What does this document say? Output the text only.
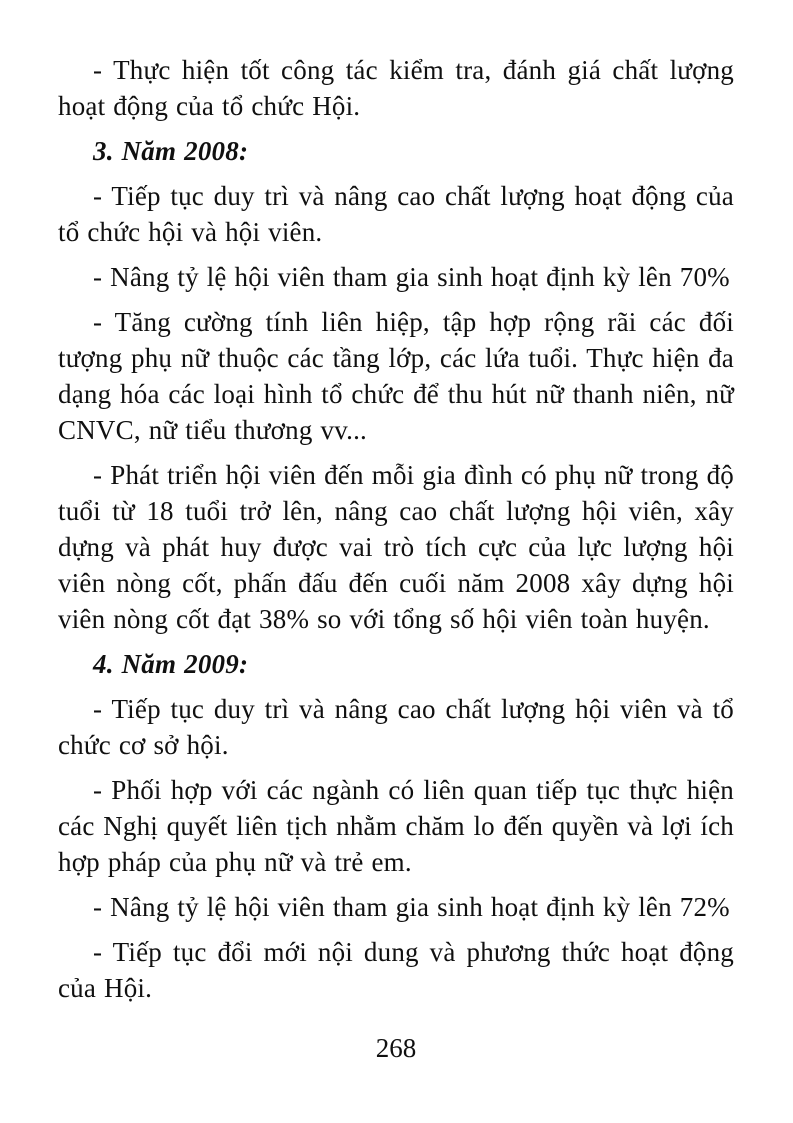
- Thực hiện tốt công tác kiểm tra, đánh giá chất lượng hoạt động của tổ chức Hội.

3. Năm 2008:

- Tiếp tục duy trì và nâng cao chất lượng hoạt động của tổ chức hội và hội viên.

- Nâng tỷ lệ hội viên tham gia sinh hoạt định kỳ lên 70%

- Tăng cường tính liên hiệp, tập hợp rộng rãi các đối tượng phụ nữ thuộc các tầng lớp, các lứa tuổi. Thực hiện đa dạng hóa các loại hình tổ chức để thu hút nữ thanh niên, nữ CNVC, nữ tiểu thương vv...

- Phát triển hội viên đến mỗi gia đình có phụ nữ trong độ tuổi từ 18 tuổi trở lên, nâng cao chất lượng hội viên, xây dựng và phát huy được vai trò tích cực của lực lượng hội viên nòng cốt, phấn đấu đến cuối năm 2008 xây dựng hội viên nòng cốt đạt 38% so với tổng số hội viên toàn huyện.

4. Năm 2009:

- Tiếp tục duy trì và nâng cao chất lượng hội viên và tổ chức cơ sở hội.

- Phối hợp với các ngành có liên quan tiếp tục thực hiện các Nghị quyết liên tịch nhằm chăm lo đến quyền và lợi ích hợp pháp của phụ nữ và trẻ em.

- Nâng tỷ lệ hội viên tham gia sinh hoạt định kỳ lên 72%

- Tiếp tục đổi mới nội dung và phương thức hoạt động của Hội.

268
